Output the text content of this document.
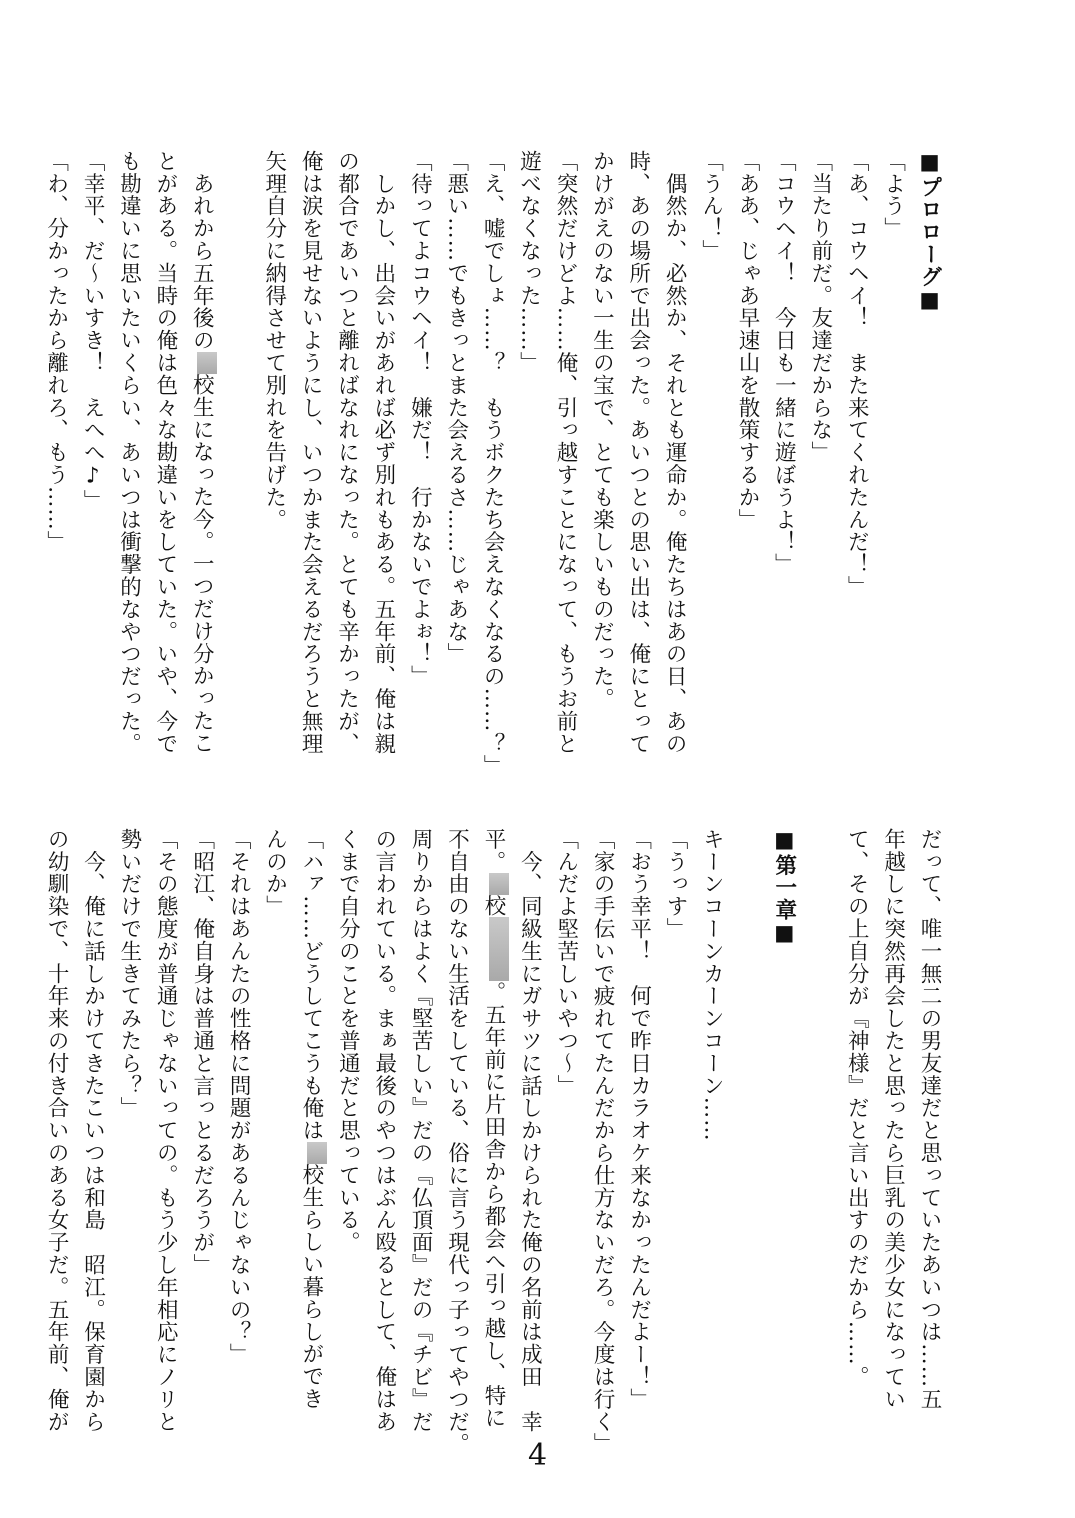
■プロローグ■
「よう」
「あ、コウヘイ！　また来てくれたんだ！」
「当たり前だ。友達だからな」
「コウヘイ！　今日も一緒に遊ぼうよ！」
「ああ、じゃあ早速山を散策するか」
「うん！」
　偶然か、必然か、それとも運命か。俺たちはあの日、あの
時、あの場所で出会った。あいつとの思い出は、俺にとって
かけがえのない一生の宝で、とても楽しいものだった。
「突然だけどよ……俺、引っ越すことになって、もうお前と
遊べなくなった……」
「え、嘘でしょ……？　もうボクたち会えなくなるの……？」
「悪い……でもきっとまた会えるさ……じゃあな」
「待ってよコウヘイ！　嫌だ！　行かないでよぉ！」
　しかし、出会いがあれば必ず別れもある。五年前、俺は親
の都合であいつと離ればなれになった。とても辛かったが、
俺は涙を見せないようにし、いつかまた会えるだろうと無理
矢理自分に納得させて別れを告げた。
　あれから五年後の校生になった今。一つだけ分かったこ
とがある。当時の俺は色々な勘違いをしていた。いや、今で
も勘違いに思いたいくらい、あいつは衝撃的なやつだった。
「幸平、だ～いすき！　えへへ♪」
「わ、分かったから離れろ、もう……」
だって、唯一無二の男友達だと思っていたあいつは……五
年越しに突然再会したと思ったら巨乳の美少女になってい
て、その上自分が『神様』だと言い出すのだから……。
■第一章■
キーンコーンカーンコーン……
「うっす」
「おう幸平！　何で昨日カラオケ来なかったんだよー！」
「家の手伝いで疲れてたんだから仕方ないだろ。今度は行く」
「んだよ堅苦しいやつ～」
　今、同級生にガサツに話しかけられた俺の名前は成田　幸
平。校。五年前に片田舎から都会へ引っ越し、特に
不自由のない生活をしている、俗に言う現代っ子ってやつだ。
周りからはよく『堅苦しい』だの『仏頂面』だの『チビ』だ
の言われている。まぁ最後のやつはぶん殴るとして、俺はあ
くまで自分のことを普通だと思っている。
「ハァ……どうしてこうも俺は校生らしい暮らしができ
んのか」
「それはあんたの性格に問題があるんじゃないの？」
「昭江、俺自身は普通と言っとるだろうが」
「その態度が普通じゃないっての。もう少し年相応にノリと
勢いだけで生きてみたら？」
　今、俺に話しかけてきたこいつは和島　昭江。保育園から
の幼馴染で、十年来の付き合いのある女子だ。五年前、俺が
4
